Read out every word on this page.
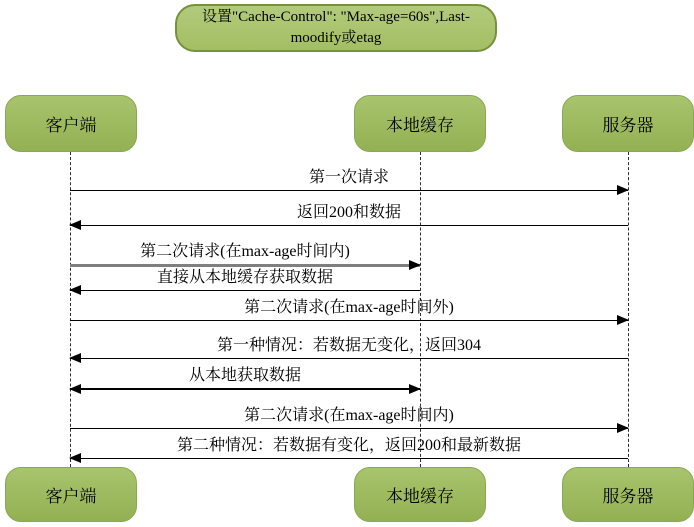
设置"Cache-Control": "Max-age=60s",Last-
moodify或etag
客户端	本地缓存	服务器
第一次请求
返回200和数据
第二次请求(在max-age时间内)
直接从本地缓存获取数据
第二次请求(在max-age时间外)
第一种情况：若数据无变化，返回304
从本地获取数据
第二次请求(在max-age时间内)
第二种情况：若数据有变化，返回200和最新数据
客户端	本地缓存	服务器
